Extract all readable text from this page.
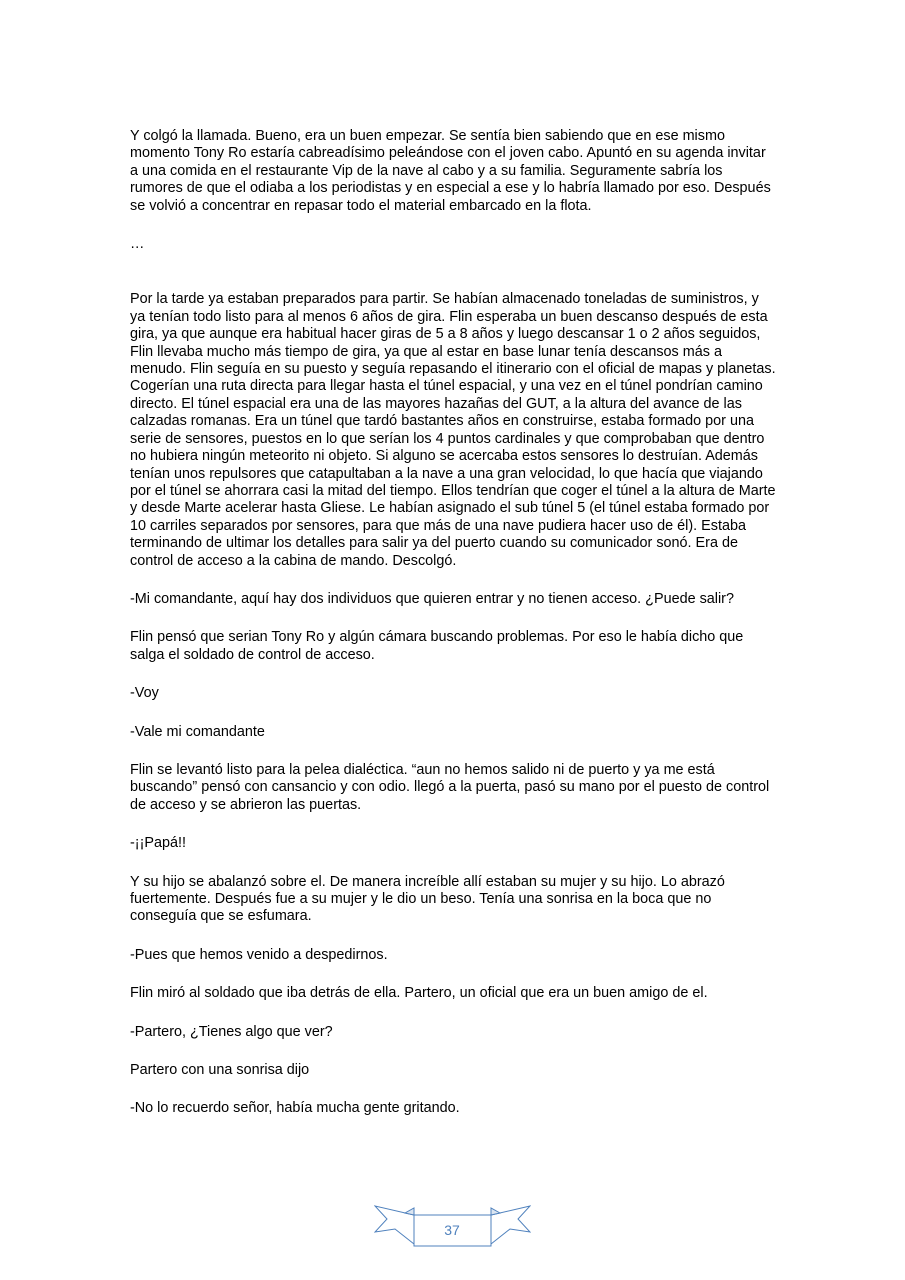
Y colgó la llamada. Bueno, era un buen empezar. Se sentía bien sabiendo que en ese mismo momento Tony Ro estaría cabreadísimo peleándose con el joven cabo. Apuntó en su agenda invitar a una comida en el restaurante Vip de la nave al cabo y a su familia. Seguramente sabría los rumores de que el odiaba a los periodistas y en especial a ese y lo habría llamado por eso. Después se volvió a concentrar en repasar todo el material embarcado en la flota.

…

Por la tarde ya estaban preparados para partir. Se habían almacenado toneladas de suministros, y ya tenían todo listo para al menos 6 años de gira. Flin esperaba un buen descanso después de esta gira, ya que aunque era habitual hacer giras de 5 a 8 años y luego descansar 1 o 2 años seguidos, Flin llevaba mucho más tiempo de gira, ya que al estar en base lunar tenía descansos más a menudo. Flin seguía en su puesto y seguía repasando el itinerario con el oficial de mapas y planetas. Cogerían una ruta directa para llegar hasta el túnel espacial, y una vez en el túnel pondrían camino directo. El túnel espacial era una de las mayores hazañas del GUT, a la altura del avance de las calzadas romanas. Era un túnel que tardó bastantes años en construirse, estaba formado por una serie de sensores, puestos en lo que serían los 4 puntos cardinales y que comprobaban que dentro no hubiera ningún meteorito ni objeto. Si alguno se acercaba estos sensores lo destruían. Además tenían unos repulsores que catapultaban a la nave a una gran velocidad, lo que hacía que viajando por el túnel se ahorrara casi la mitad del tiempo. Ellos tendrían que coger el túnel a la altura de Marte y desde Marte acelerar hasta Gliese. Le habían asignado el sub túnel 5 (el túnel estaba formado por 10 carriles separados por sensores, para que más de una nave pudiera hacer uso de él). Estaba terminando de ultimar los detalles para salir ya del puerto cuando su comunicador sonó. Era de control de acceso a la cabina de mando. Descolgó.

-Mi comandante, aquí hay dos individuos que quieren entrar y no tienen acceso. ¿Puede salir?

Flin pensó que serian Tony Ro y algún cámara buscando problemas. Por eso le había dicho que salga el soldado de control de acceso.

-Voy

-Vale mi comandante

Flin se levantó listo para la pelea dialéctica. “aun no hemos salido ni de puerto y ya me está buscando” pensó con cansancio y con odio. llegó a la puerta, pasó su mano por el puesto de control de acceso y se abrieron las puertas.

-¡¡Papá!!

Y su hijo se abalanzó sobre el. De manera increíble allí estaban su mujer y su hijo. Lo abrazó fuertemente. Después fue a su mujer y le dio un beso. Tenía una sonrisa en la boca que no conseguía que se esfumara.

-Pues que hemos venido a despedirnos.

Flin miró al soldado que iba detrás de ella. Partero, un oficial que era un buen amigo de el.

-Partero, ¿Tienes algo que ver?

Partero con una sonrisa dijo

-No lo recuerdo señor, había mucha gente gritando.

37
